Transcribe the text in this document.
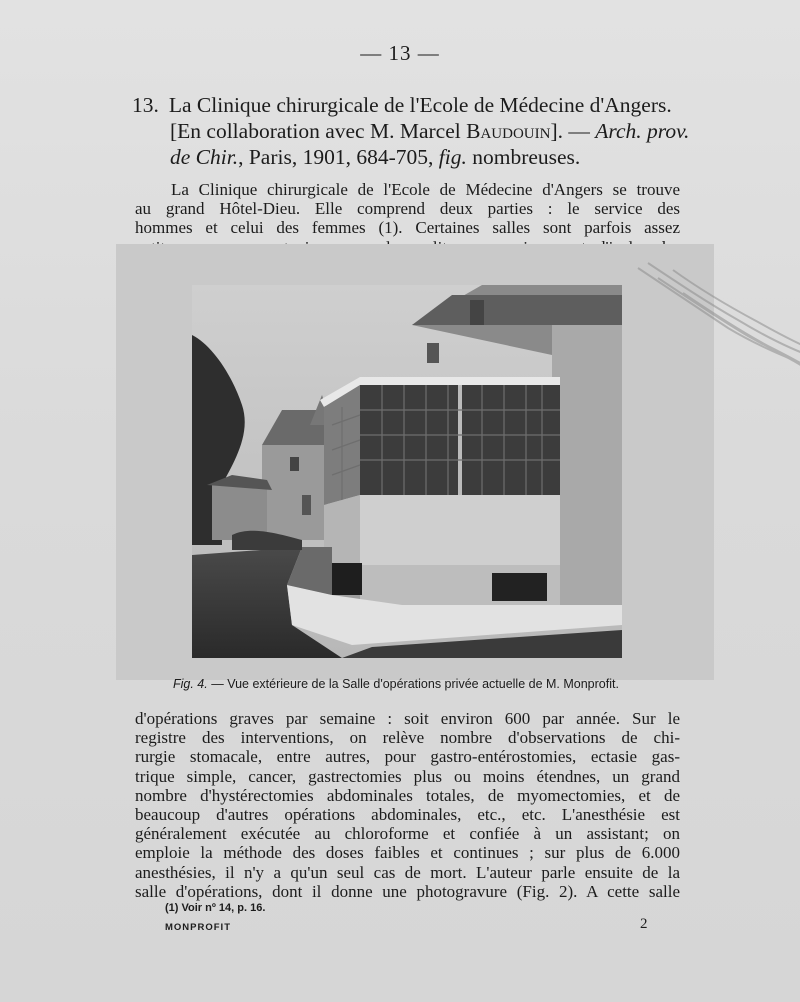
— 13 —
13. La Clinique chirurgicale de l'Ecole de Médecine d'Angers.
[En collaboration avec M. Marcel Baudouin]. — Arch. prov.
de Chir., Paris, 1901, 684-705, fig. nombreuses.
La Clinique chirurgicale de l'Ecole de Médecine d'Angers se trouve
au grand Hôtel-Dieu. Elle comprend deux parties : le service des
hommes et celui des femmes (1). Certaines salles sont parfois assez
Fig. 4. — Vue extérieure de la Salle d'opérations privée actuelle de M. Monprofit.
d'opérations graves par semaine : soit environ 600 par année. Sur le
registre des interventions, on relève nombre d'observations de chi-
rurgie stomacale, entre autres, pour gastro-entérostomies, ectasie gas-
trique simple, cancer, gastrectomies plus ou moins étendnes, un grand
nombre d'hystérectomies abdominales totales, de myomectomies, et de
beaucoup d'autres opérations abdominales, etc., etc. L'anesthésie est
généralement exécutée au chloroforme et confiée à un assistant; on
emploie la méthode des doses faibles et continues ; sur plus de 6.000
anesthésies, il n'y a qu'un seul cas de mort. L'auteur parle ensuite de la
salle d'opérations, dont il donne une photogravure (Fig. 2). A cette salle
(1) Voir nº 14, p. 16.
MONPROFIT	2
